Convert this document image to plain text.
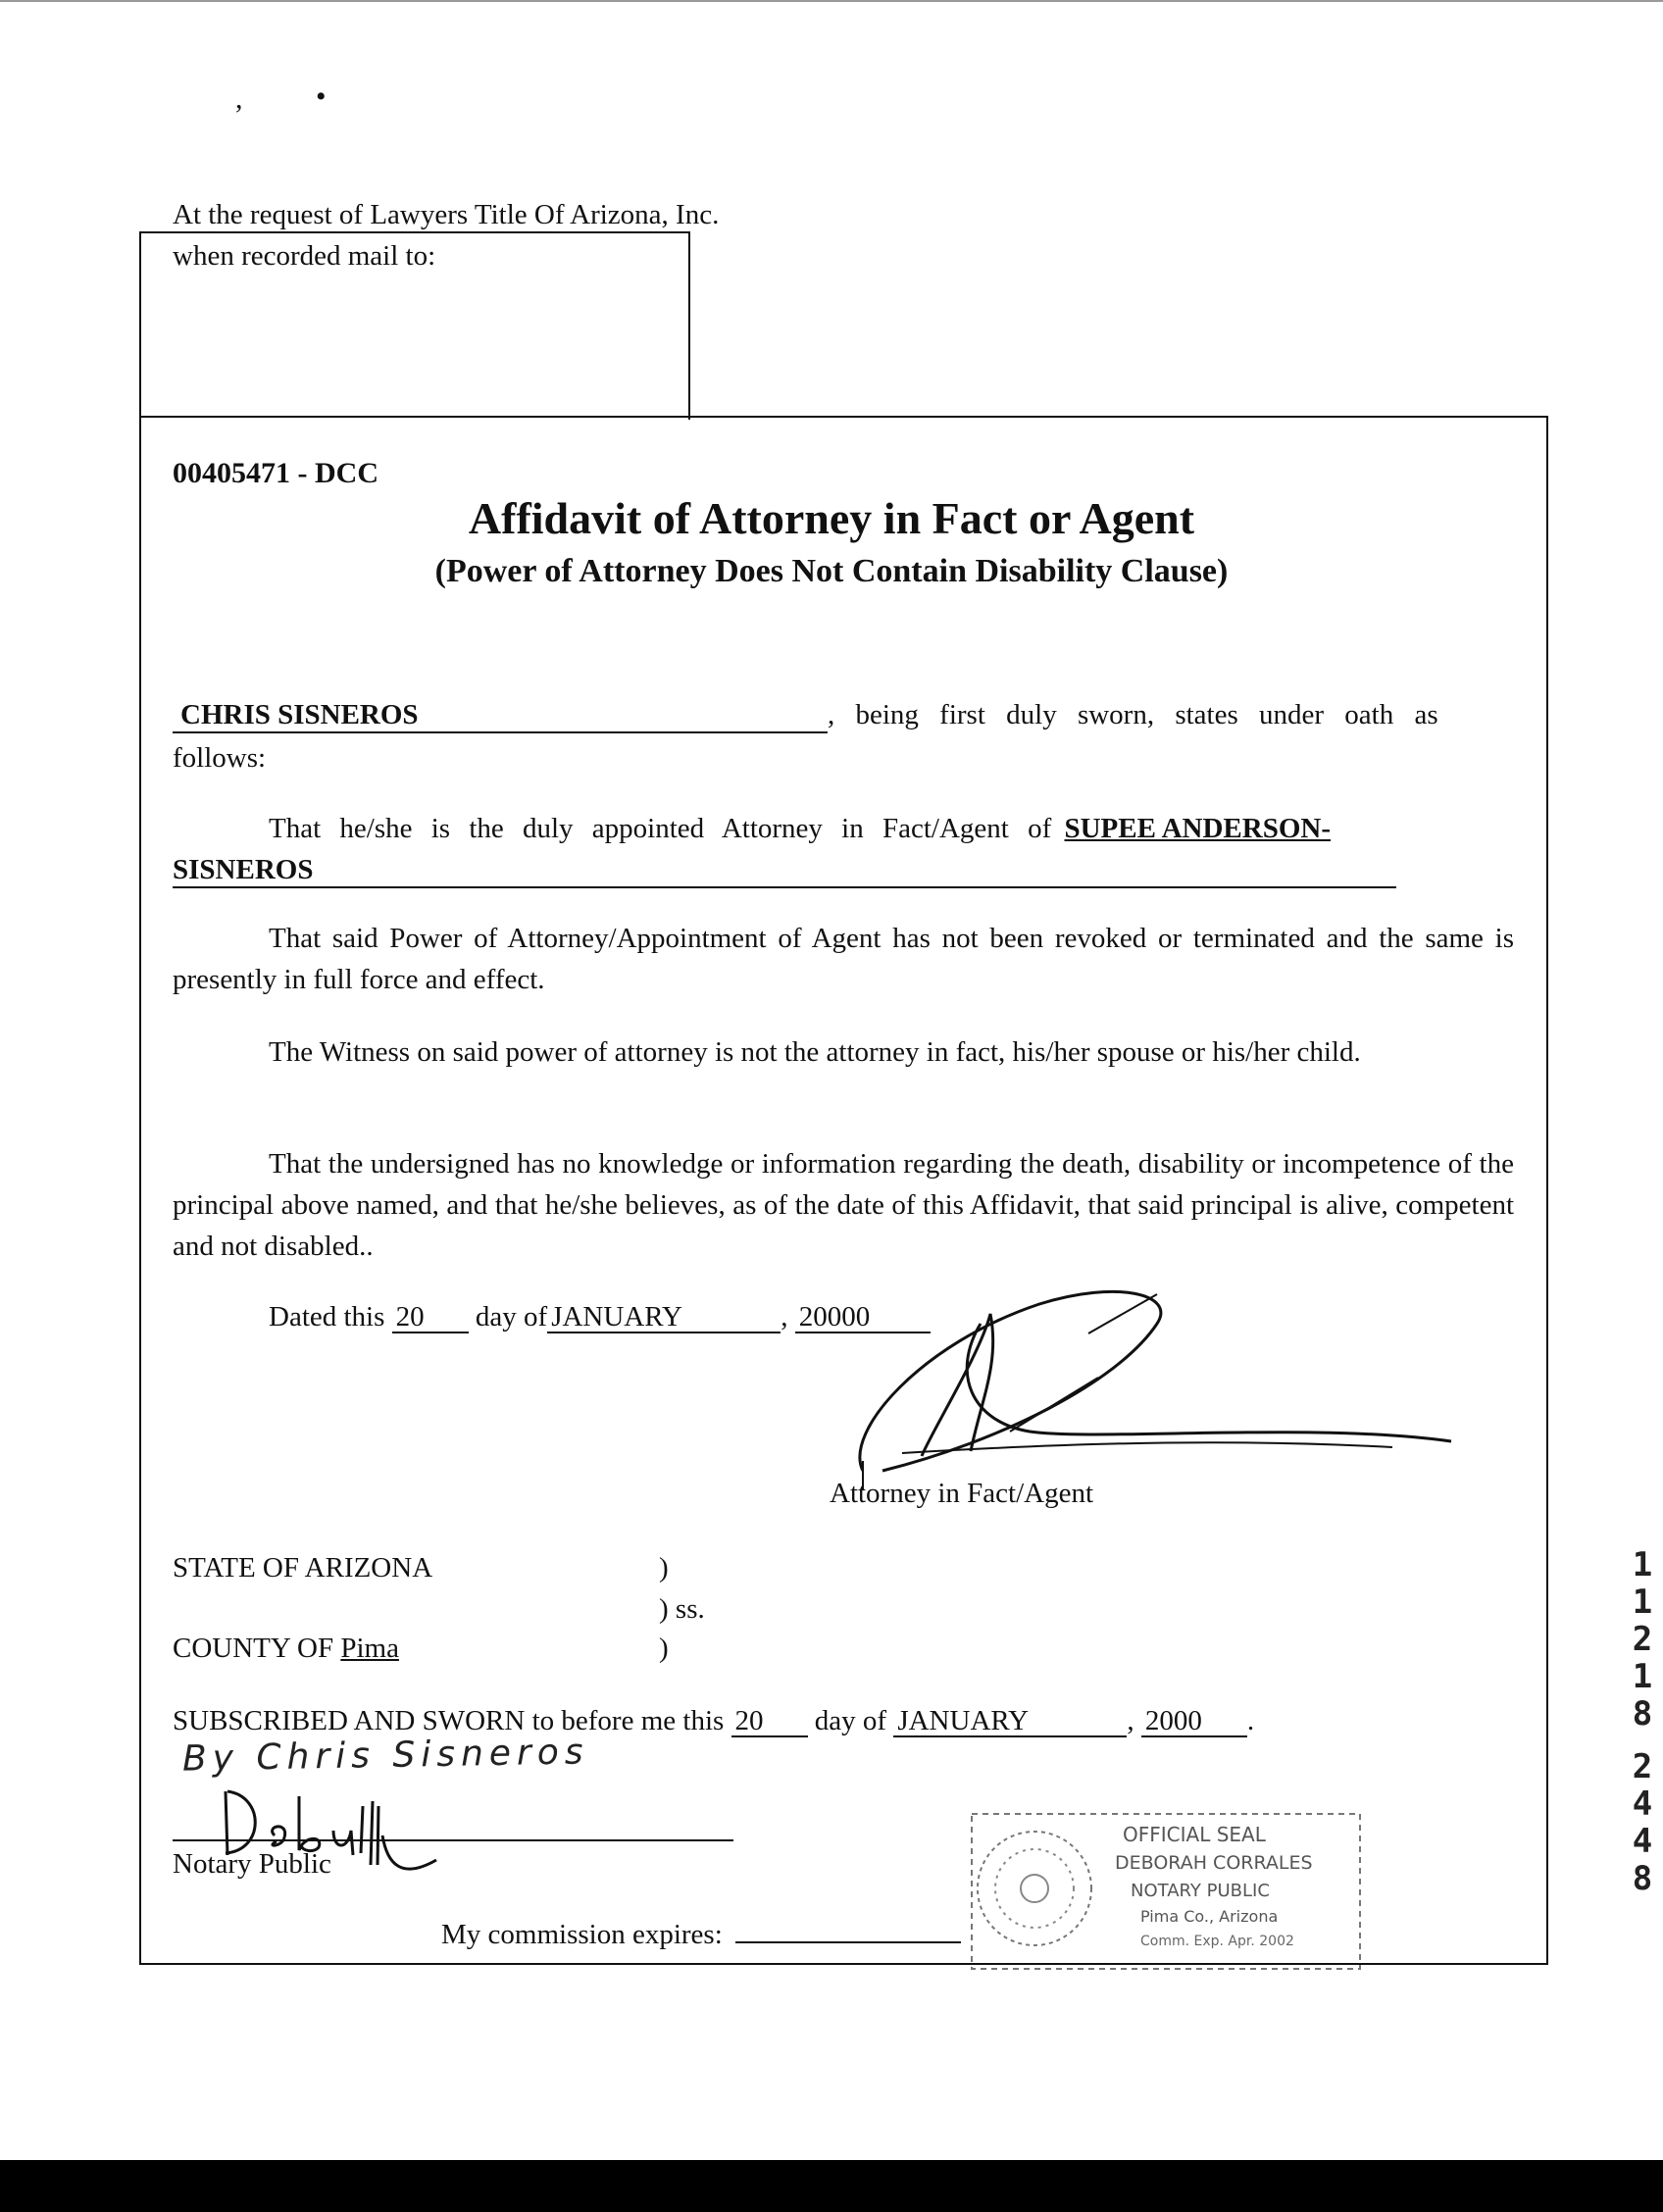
, •
At the request of Lawyers Title Of Arizona, Inc.
when recorded mail to:
00405471 - DCC
Affidavit of Attorney in Fact or Agent
(Power of Attorney Does Not Contain Disability Clause)
CHRIS SISNEROS	, being first duly sworn, states under oath as
follows:
That he/she is the duly appointed Attorney in Fact/Agent of SUPEE ANDERSON-
SISNEROS
That said Power of Attorney/Appointment of Agent has not been revoked or terminated and the same is presently in full force and effect.
The Witness on said power of attorney is not the attorney in fact, his/her spouse or his/her child.
That the undersigned has no knowledge or information regarding the death, disability or incompetence of the principal above named, and that he/she believes, as of the date of this Affidavit, that said principal is alive, competent and not disabled..
Dated this 20 day of JANUARY	, 20000
Attorney in Fact/Agent
STATE OF ARIZONA	)
) ss.
COUNTY OF Pima	)
SUBSCRIBED AND SWORN to before me this 20 day of JANUARY	, 2000 .
By Chris Sisneros
Notary Public
My commission expires:
OFFICIAL SEAL
DEBORAH CORRALES
NOTARY PUBLIC
Pima Co., Arizona
Comm. Exp. Apr. 2002
1
1
2
1
8
2
4
4
8
